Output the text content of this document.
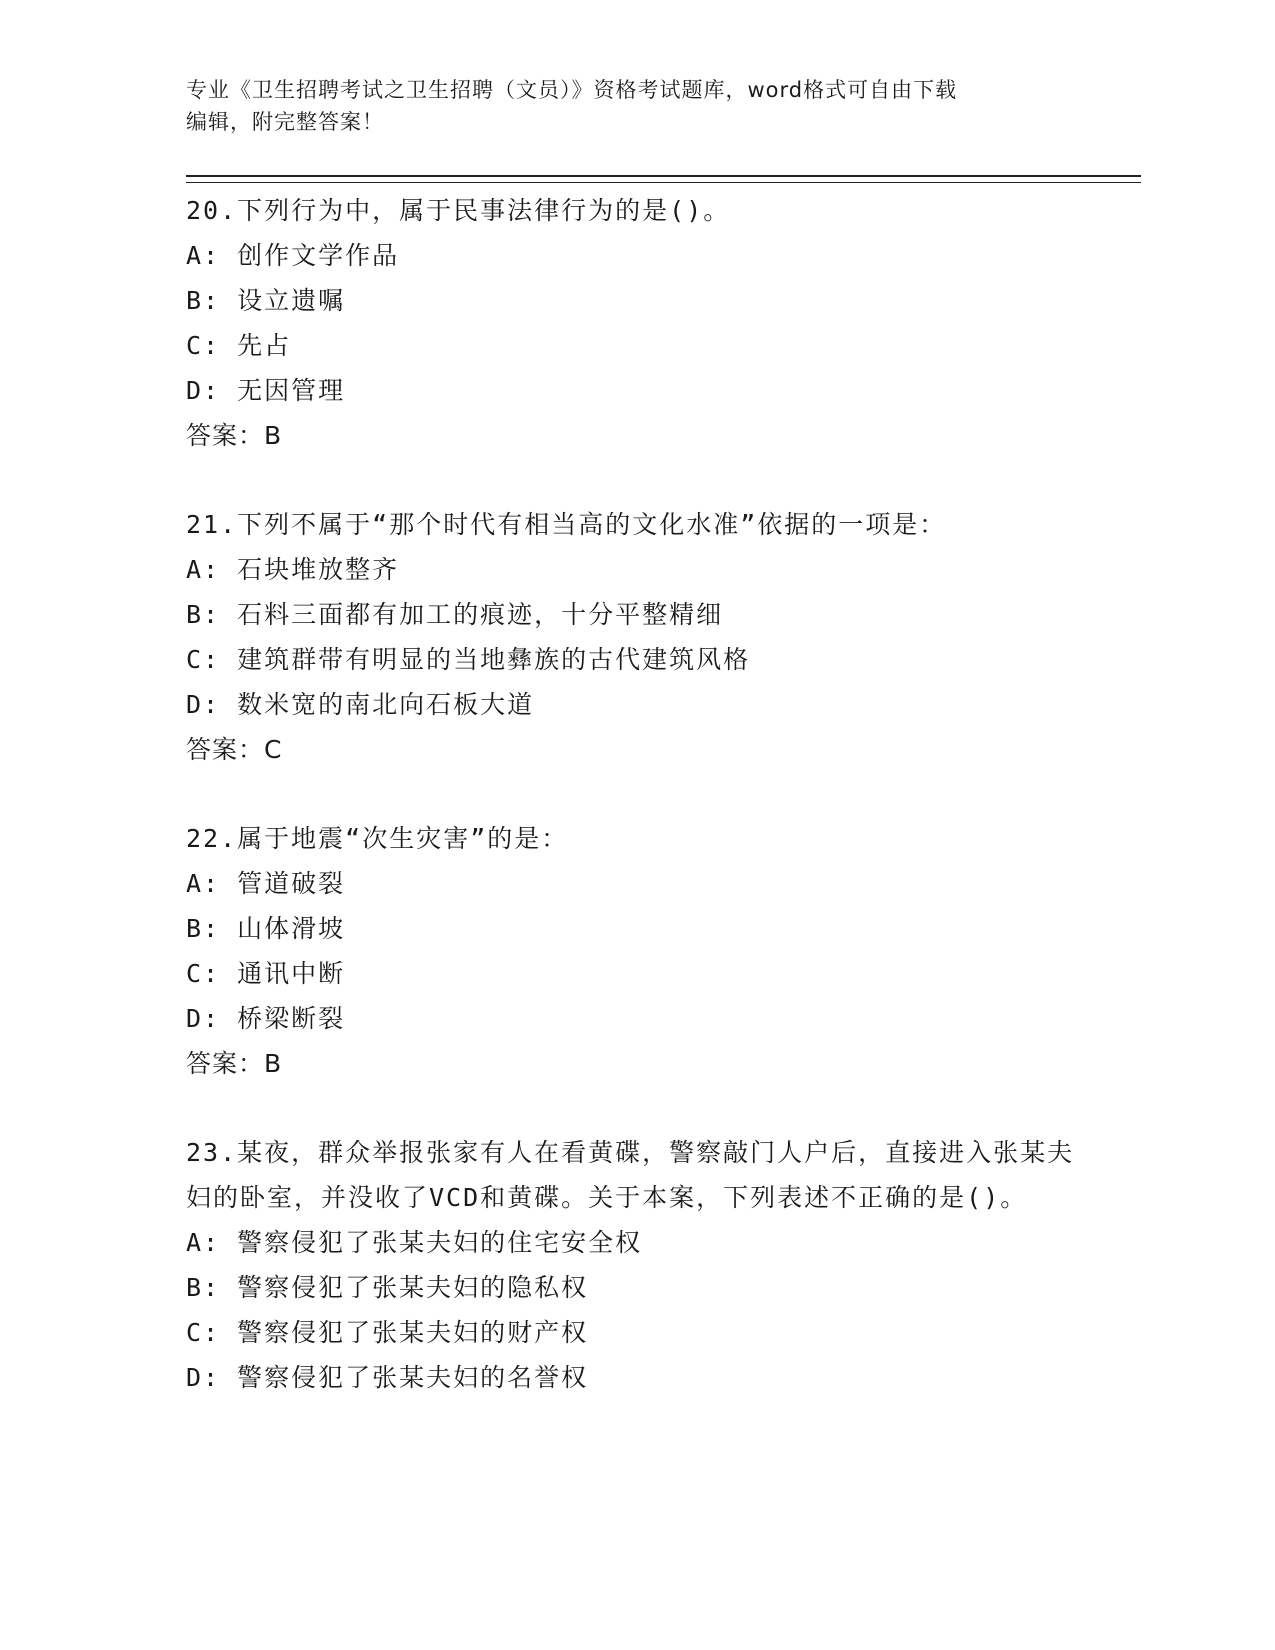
专业《卫生招聘考试之卫生招聘（文员）》资格考试题库，word格式可自由下载
编辑，附完整答案！
20.下列行为中，属于民事法律行为的是()。
A: 创作文学作品
B: 设立遗嘱
C: 先占
D: 无因管理
答案：B
21.下列不属于“那个时代有相当高的文化水准”依据的一项是：
A: 石块堆放整齐
B: 石料三面都有加工的痕迹，十分平整精细
C: 建筑群带有明显的当地彝族的古代建筑风格
D: 数米宽的南北向石板大道
答案：C
22.属于地震“次生灾害”的是：
A: 管道破裂
B: 山体滑坡
C: 通讯中断
D: 桥梁断裂
答案：B
23.某夜，群众举报张家有人在看黄碟，警察敲门人户后，直接进入张某夫妇的卧室，并没收了VCD和黄碟。关于本案，下列表述不正确的是()。
A: 警察侵犯了张某夫妇的住宅安全权
B: 警察侵犯了张某夫妇的隐私权
C: 警察侵犯了张某夫妇的财产权
D: 警察侵犯了张某夫妇的名誉权
